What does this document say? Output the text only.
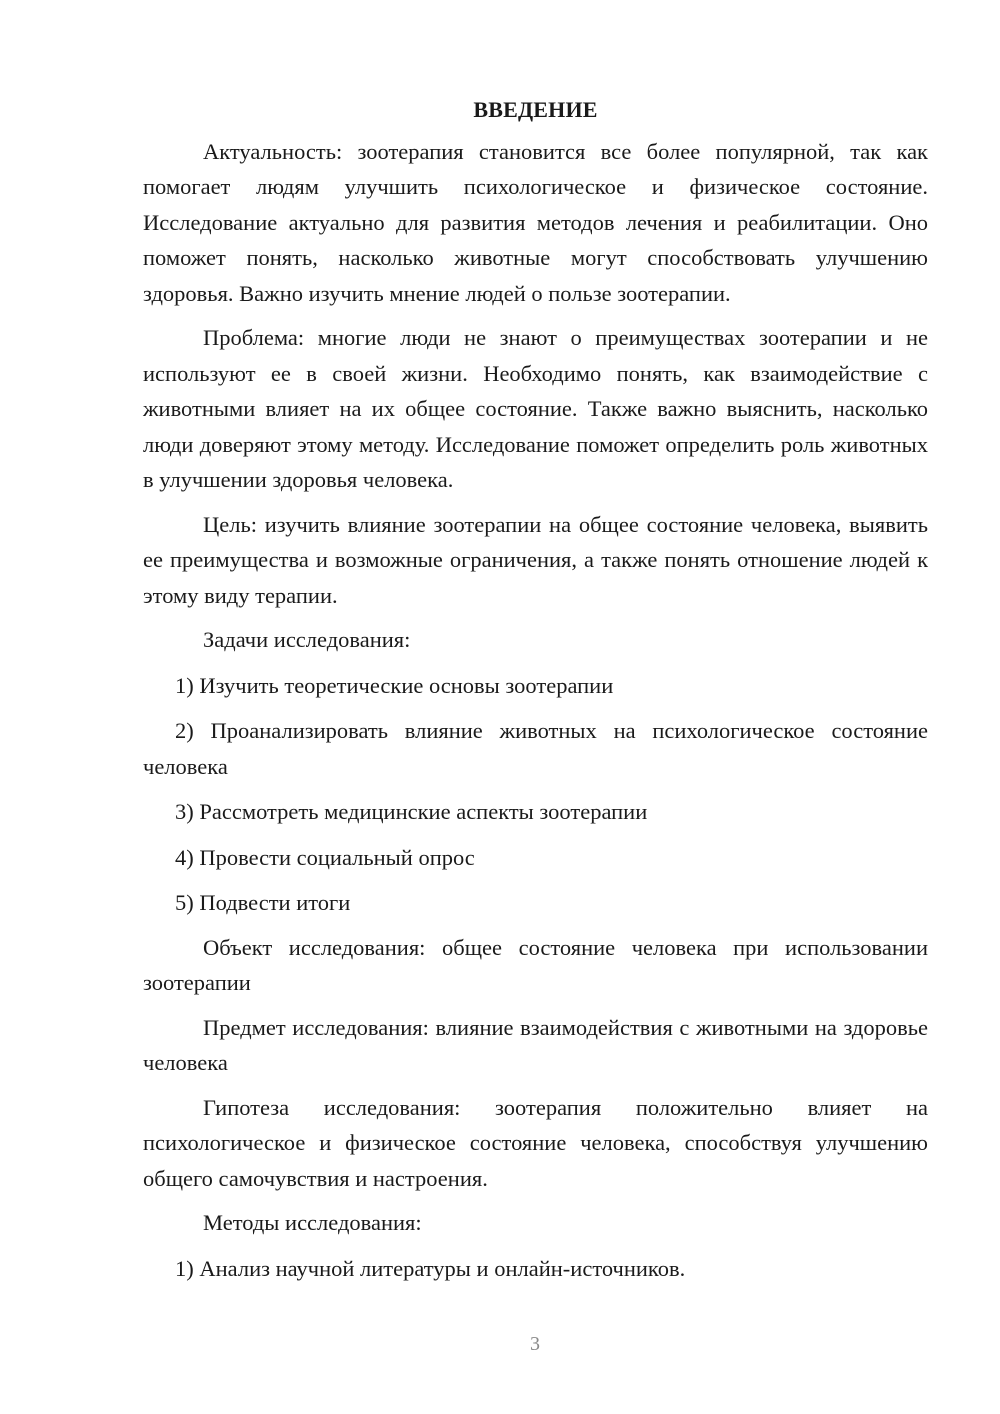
ВВЕДЕНИЕ

Актуальность: зоотерапия становится все более популярной, так как помогает людям улучшить психологическое и физическое состояние. Исследование актуально для развития методов лечения и реабилитации. Оно поможет понять, насколько животные могут способствовать улучшению здоровья. Важно изучить мнение людей о пользе зоотерапии.

Проблема: многие люди не знают о преимуществах зоотерапии и не используют ее в своей жизни. Необходимо понять, как взаимодействие с животными влияет на их общее состояние. Также важно выяснить, насколько люди доверяют этому методу. Исследование поможет определить роль животных в улучшении здоровья человека.

Цель: изучить влияние зоотерапии на общее состояние человека, выявить ее преимущества и возможные ограничения, а также понять отношение людей к этому виду терапии.

Задачи исследования:

1) Изучить теоретические основы зоотерапии

2) Проанализировать влияние животных на психологическое состояние человека

3) Рассмотреть медицинские аспекты зоотерапии

4) Провести социальный опрос

5) Подвести итоги

Объект исследования: общее состояние человека при использовании зоотерапии

Предмет исследования: влияние взаимодействия с животными на здоровье человека

Гипотеза исследования: зоотерапия положительно влияет на психологическое и физическое состояние человека, способствуя улучшению общего самочувствия и настроения.

Методы исследования:

1) Анализ научной литературы и онлайн-источников.

3
